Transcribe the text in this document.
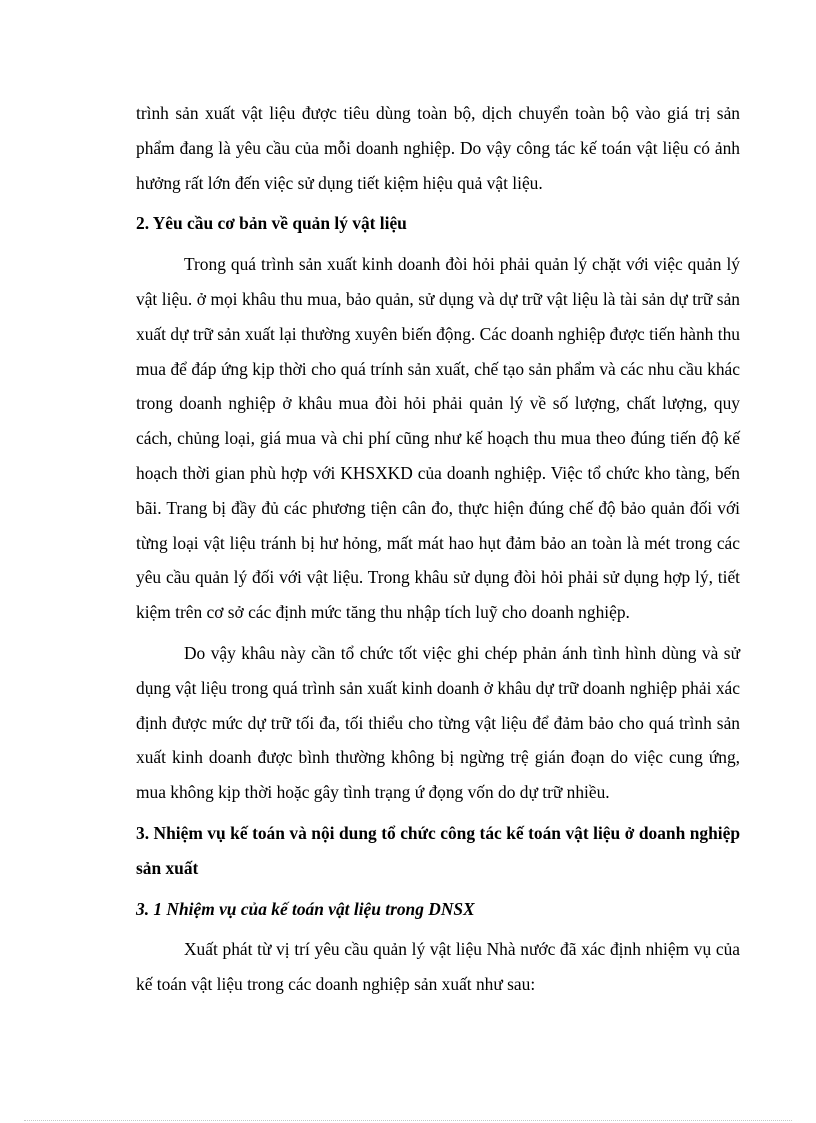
trình sản xuất vật liệu được tiêu dùng toàn bộ, dịch chuyển toàn bộ vào giá trị sản phẩm đang là yêu cầu của mỗi doanh nghiệp. Do vậy công tác kế toán vật liệu có ảnh hưởng rất lớn đến việc sử dụng tiết kiệm hiệu quả vật liệu.

2. Yêu cầu cơ bản về quản lý vật liệu

Trong quá trình sản xuất kinh doanh đòi hỏi phải quản lý chặt với việc quản lý vật liệu. ở mọi khâu thu mua, bảo quản, sử dụng và dự trữ vật liệu là tài sản dự trữ sản xuất dự trữ sản xuất lại thường xuyên biến động. Các doanh nghiệp được tiến hành thu mua để đáp ứng kịp thời cho quá trính sản xuất, chế tạo sản phẩm và các nhu cầu khác trong doanh nghiệp ở khâu mua đòi hỏi phải quản lý về số lượng, chất lượng, quy cách, chủng loại, giá mua và chi phí cũng như kế hoạch thu mua theo đúng tiến độ kế hoạch thời gian phù hợp với KHSXKD của doanh nghiệp. Việc tổ chức kho tàng, bến bãi. Trang bị đầy đủ các phương tiện cân đo, thực hiện đúng chế độ bảo quản đối với từng loại vật liệu tránh bị hư hỏng, mất mát hao hụt đảm bảo an toàn là mét trong các yêu cầu quản lý đối với vật liệu. Trong khâu sử dụng đòi hỏi phải sử dụng hợp lý, tiết kiệm trên cơ sở các định mức tăng thu nhập tích luỹ cho doanh nghiệp.

Do vậy khâu này cần tổ chức tốt việc ghi chép phản ánh tình hình dùng và sử dụng vật liệu trong quá trình sản xuất kinh doanh ở khâu dự trữ doanh nghiệp phải xác định được mức dự trữ tối đa, tối thiểu cho từng vật liệu để đảm bảo cho quá trình sản xuất kinh doanh được bình thường không bị ngừng trệ gián đoạn do việc cung ứng, mua không kịp thời hoặc gây tình trạng ứ đọng vốn do dự trữ nhiều.

3. Nhiệm vụ kế toán và nội dung tổ chức công tác kế toán vật liệu ở doanh nghiệp sản xuất

3. 1 Nhiệm vụ của kế toán vật liệu trong DNSX

Xuất phát từ vị trí yêu cầu quản lý vật liệu Nhà nước đã xác định nhiệm vụ của kế toán vật liệu trong các doanh nghiệp sản xuất như sau:
